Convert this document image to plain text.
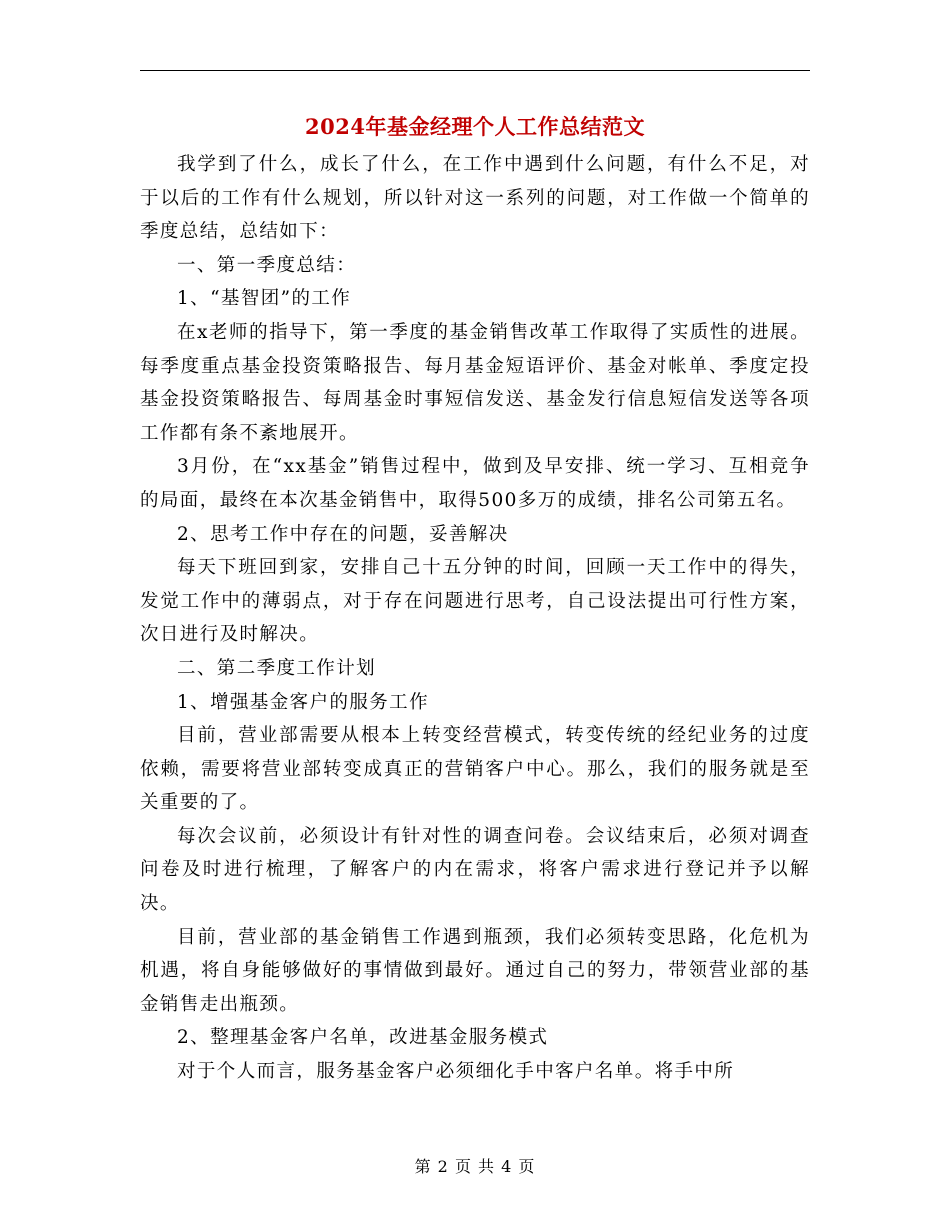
2024年基金经理个人工作总结范文

我学到了什么，成长了什么，在工作中遇到什么问题，有什么不足，对于以后的工作有什么规划，所以针对这一系列的问题，对工作做一个简单的季度总结，总结如下：

一、第一季度总结：

1、“基智团”的工作

在x老师的指导下，第一季度的基金销售改革工作取得了实质性的进展。每季度重点基金投资策略报告、每月基金短语评价、基金对帐单、季度定投基金投资策略报告、每周基金时事短信发送、基金发行信息短信发送等各项工作都有条不紊地展开。

3月份，在“xx基金”销售过程中，做到及早安排、统一学习、互相竞争的局面，最终在本次基金销售中，取得500多万的成绩，排名公司第五名。

2、思考工作中存在的问题，妥善解决

每天下班回到家，安排自己十五分钟的时间，回顾一天工作中的得失，发觉工作中的薄弱点，对于存在问题进行思考，自己设法提出可行性方案，次日进行及时解决。

二、第二季度工作计划

1、增强基金客户的服务工作

目前，营业部需要从根本上转变经营模式，转变传统的经纪业务的过度依赖，需要将营业部转变成真正的营销客户中心。那么，我们的服务就是至关重要的了。

每次会议前，必须设计有针对性的调查问卷。会议结束后，必须对调查问卷及时进行梳理，了解客户的内在需求，将客户需求进行登记并予以解决。

目前，营业部的基金销售工作遇到瓶颈，我们必须转变思路，化危机为机遇，将自身能够做好的事情做到最好。通过自己的努力，带领营业部的基金销售走出瓶颈。

2、整理基金客户名单，改进基金服务模式

对于个人而言，服务基金客户必须细化手中客户名单。将手中所

第 2 页 共 4 页
